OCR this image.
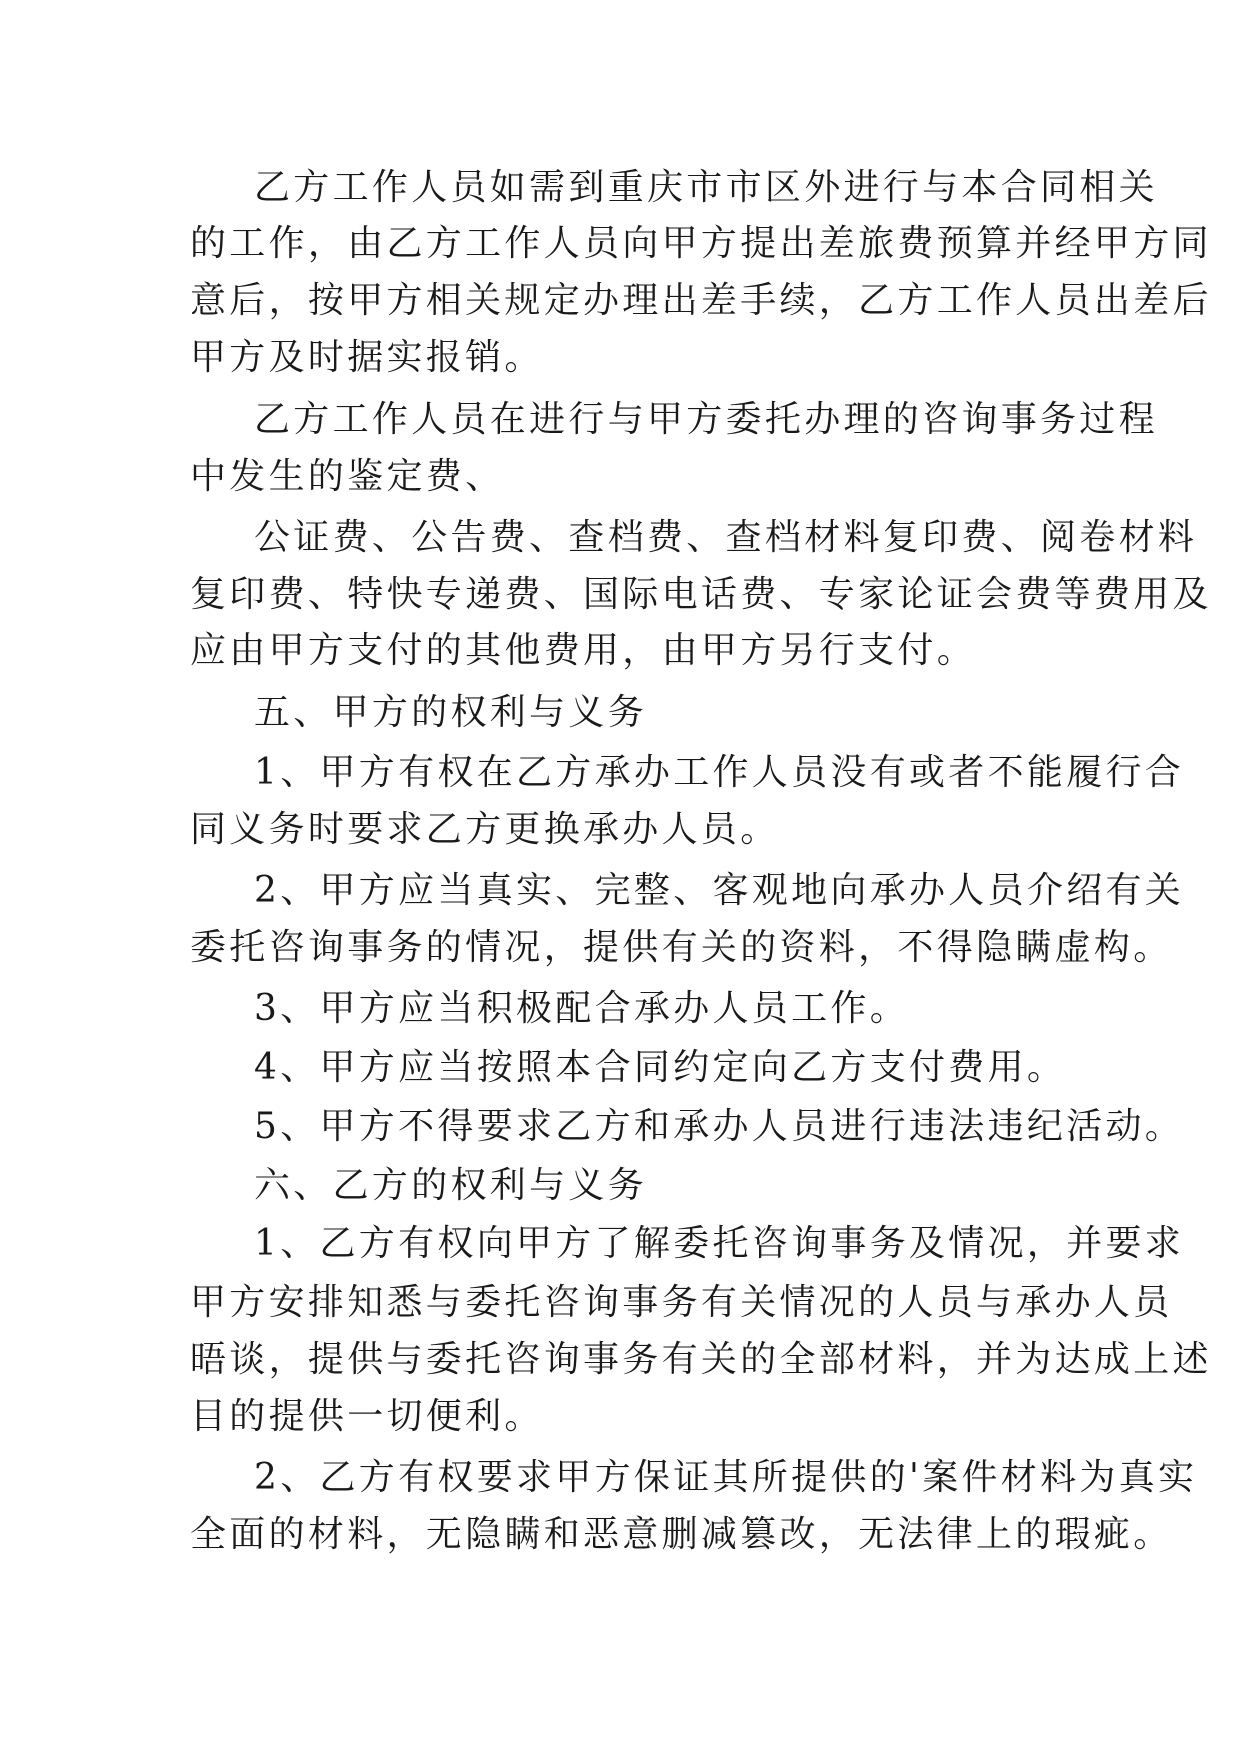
乙方工作人员如需到重庆市市区外进行与本合同相关

的工作，由乙方工作人员向甲方提出差旅费预算并经甲方同

意后，按甲方相关规定办理出差手续，乙方工作人员出差后

甲方及时据实报销。

乙方工作人员在进行与甲方委托办理的咨询事务过程

中发生的鉴定费、

公证费、公告费、查档费、查档材料复印费、阅卷材料

复印费、特快专递费、国际电话费、专家论证会费等费用及

应由甲方支付的其他费用，由甲方另行支付。

五、甲方的权利与义务

1、甲方有权在乙方承办工作人员没有或者不能履行合

同义务时要求乙方更换承办人员。

2、甲方应当真实、完整、客观地向承办人员介绍有关

委托咨询事务的情况，提供有关的资料，不得隐瞒虚构。

3、甲方应当积极配合承办人员工作。

4、甲方应当按照本合同约定向乙方支付费用。

5、甲方不得要求乙方和承办人员进行违法违纪活动。

六、乙方的权利与义务

1、乙方有权向甲方了解委托咨询事务及情况，并要求

甲方安排知悉与委托咨询事务有关情况的人员与承办人员

晤谈，提供与委托咨询事务有关的全部材料，并为达成上述

目的提供一切便利。

2、乙方有权要求甲方保证其所提供的'案件材料为真实

全面的材料，无隐瞒和恶意删减篡改，无法律上的瑕疵。
